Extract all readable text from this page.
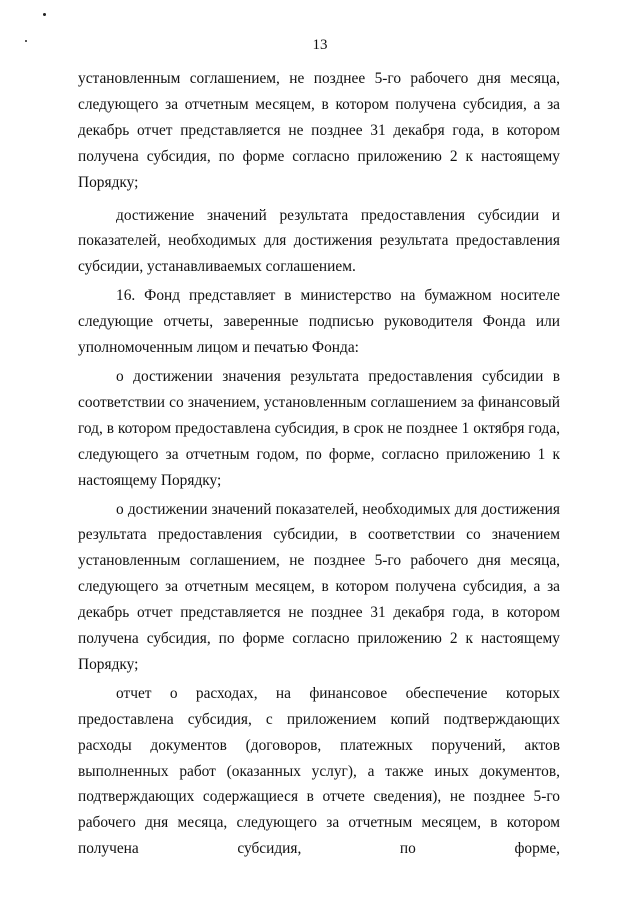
13

установленным соглашением, не позднее 5-го рабочего дня месяца, следующего за отчетным месяцем, в котором получена субсидия, а за декабрь отчет представляется не позднее 31 декабря года, в котором получена субсидия, по форме согласно приложению 2 к настоящему Порядку;

достижение значений результата предоставления субсидии и показателей, необходимых для достижения результата предоставления субсидии, устанавливаемых соглашением.

16. Фонд представляет в министерство на бумажном носителе следующие отчеты, заверенные подписью руководителя Фонда или уполномоченным лицом и печатью Фонда:

о достижении значения результата предоставления субсидии в соответствии со значением, установленным соглашением за финансовый год, в котором предоставлена субсидия, в срок не позднее 1 октября года, следующего за отчетным годом, по форме, согласно приложению 1 к настоящему Порядку;

о достижении значений показателей, необходимых для достижения результата предоставления субсидии, в соответствии со значением установленным соглашением, не позднее 5-го рабочего дня месяца, следующего за отчетным месяцем, в котором получена субсидия, а за декабрь отчет представляется не позднее 31 декабря года, в котором получена субсидия, по форме согласно приложению 2 к настоящему Порядку;

отчет о расходах, на финансовое обеспечение которых предоставлена субсидия, с приложением копий подтверждающих расходы документов (договоров, платежных поручений, актов выполненных работ (оказанных услуг), а также иных документов, подтверждающих содержащиеся в отчете сведения), не позднее 5-го рабочего дня месяца, следующего за отчетным месяцем, в котором получена субсидия, по форме,
